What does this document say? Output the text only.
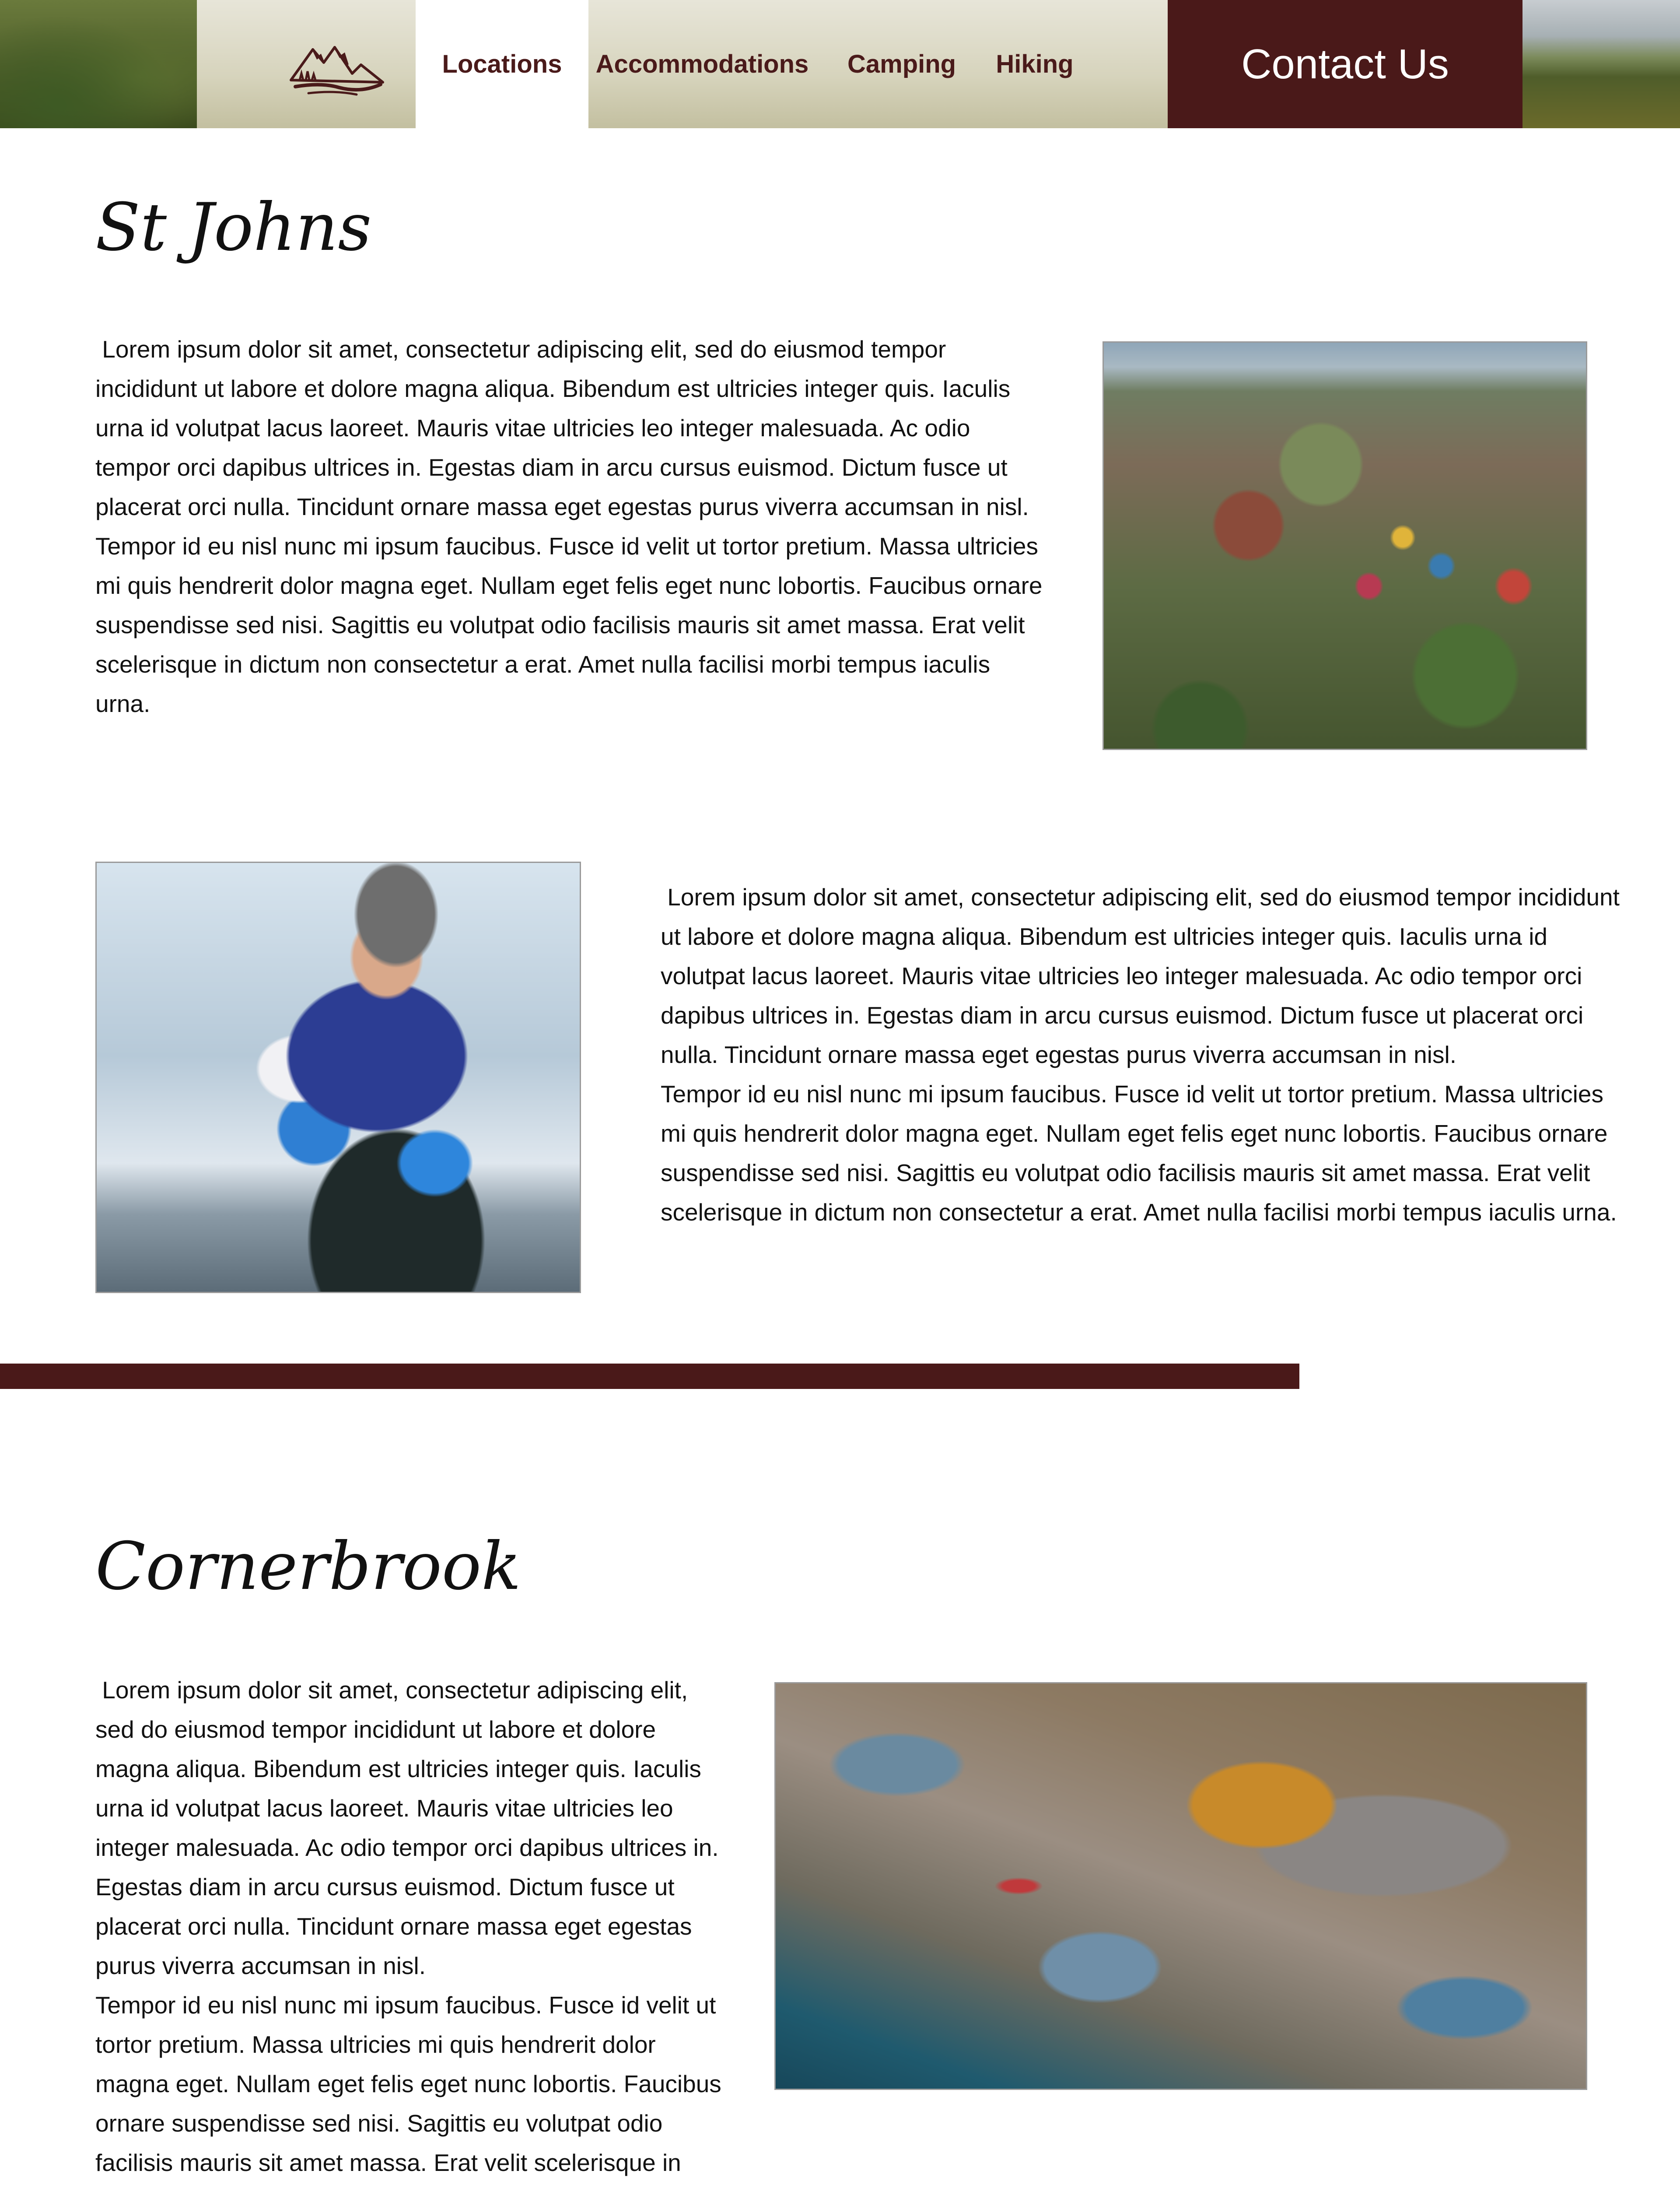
Locations	Accommodations	Camping	Hiking	Contact Us
St Johns

Lorem ipsum dolor sit amet, consectetur adipiscing elit, sed do eiusmod tempor incididunt ut labore et dolore magna aliqua. Bibendum est ultricies integer quis. Iaculis urna id volutpat lacus laoreet. Mauris vitae ultricies leo integer malesuada. Ac odio tempor orci dapibus ultrices in. Egestas diam in arcu cursus euismod. Dictum fusce ut placerat orci nulla. Tincidunt ornare massa eget egestas purus viverra accumsan in nisl.
Tempor id eu nisl nunc mi ipsum faucibus. Fusce id velit ut tortor pretium. Massa ultricies mi quis hendrerit dolor magna eget. Nullam eget felis eget nunc lobortis. Faucibus ornare suspendisse sed nisi. Sagittis eu volutpat odio facilisis mauris sit amet massa. Erat velit scelerisque in dictum non consectetur a erat. Amet nulla facilisi morbi tempus iaculis urna.

Lorem ipsum dolor sit amet, consectetur adipiscing elit, sed do eiusmod tempor incididunt ut labore et dolore magna aliqua. Bibendum est ultricies integer quis. Iaculis urna id volutpat lacus laoreet. Mauris vitae ultricies leo integer malesuada. Ac odio tempor orci dapibus ultrices in. Egestas diam in arcu cursus euismod. Dictum fusce ut placerat orci nulla. Tincidunt ornare massa eget egestas purus viverra accumsan in nisl.
Tempor id eu nisl nunc mi ipsum faucibus. Fusce id velit ut tortor pretium. Massa ultricies mi quis hendrerit dolor magna eget. Nullam eget felis eget nunc lobortis. Faucibus ornare suspendisse sed nisi. Sagittis eu volutpat odio facilisis mauris sit amet massa. Erat velit scelerisque in dictum non consectetur a erat. Amet nulla facilisi morbi tempus iaculis urna.

Cornerbrook

Lorem ipsum dolor sit amet, consectetur adipiscing elit, sed do eiusmod tempor incididunt ut labore et dolore magna aliqua. Bibendum est ultricies integer quis. Iaculis urna id volutpat lacus laoreet. Mauris vitae ultricies leo integer malesuada. Ac odio tempor orci dapibus ultrices in. Egestas diam in arcu cursus euismod. Dictum fusce ut placerat orci nulla. Tincidunt ornare massa eget egestas purus viverra accumsan in nisl.
Tempor id eu nisl nunc mi ipsum faucibus. Fusce id velit ut tortor pretium. Massa ultricies mi quis hendrerit dolor magna eget. Nullam eget felis eget nunc lobortis. Faucibus ornare suspendisse sed nisi. Sagittis eu volutpat odio facilisis mauris sit amet massa. Erat velit scelerisque in
